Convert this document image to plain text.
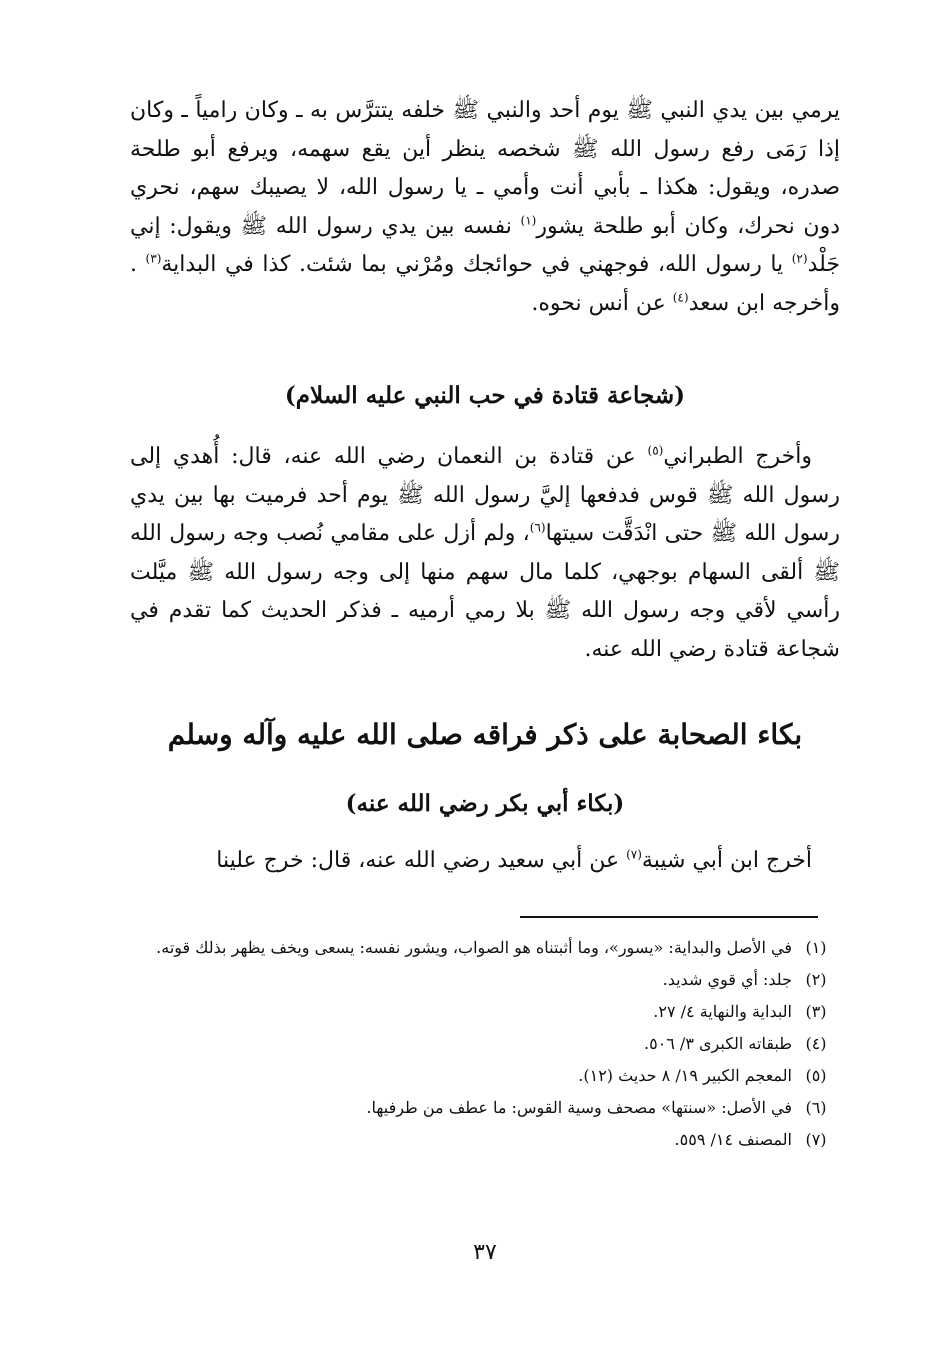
يرمي بين يدي النبي ﷺ يوم أحد والنبي ﷺ خلفه يتترَّس به ـ وكان رامياً ـ وكان إذا رَمَى رفع رسول الله ﷺ شخصه ينظر أين يقع سهمه، ويرفع أبو طلحة صدره، ويقول: هكذا ـ بأبي أنت وأمي ـ يا رسول الله، لا يصيبك سهم، نحري دون نحرك، وكان أبو طلحة يشور$^{(١)}$ نفسه بين يدي رسول الله ﷺ ويقول: إني جَلْد$^{(٢)}$ يا رسول الله، فوجهني في حوائجك ومُرْني بما شئت. كذا في البداية$^{(٣)}$ . وأخرجه ابن سعد$^{(٤)}$ عن أنس نحوه.
(شجاعة قتادة في حب النبي عليه السلام)
وأخرج الطبراني$^{(٥)}$ عن قتادة بن النعمان رضي الله عنه، قال: أُهدي إلى رسول الله ﷺ قوس فدفعها إليَّ رسول الله ﷺ يوم أحد فرميت بها بين يدي رسول الله ﷺ حتى انْدَقَّت سيتها$^{(٦)}$، ولم أزل على مقامي نُصب وجه رسول الله ﷺ ألقى السهام بوجهي، كلما مال سهم منها إلى وجه رسول الله ﷺ ميَّلت رأسي لأقي وجه رسول الله ﷺ بلا رمي أرميه ـ فذكر الحديث كما تقدم في شجاعة قتادة رضي الله عنه.
بكاء الصحابة على ذكر فراقه صلى الله عليه وآله وسلم
(بكاء أبي بكر رضي الله عنه)
أخرج ابن أبي شيبة$^{(٧)}$ عن أبي سعيد رضي الله عنه، قال: خرج علينا
(١)
في الأصل والبداية: «يسور»، وما أثبتناه هو الصواب، ويشور نفسه: يسعى ويخف يظهر بذلك قوته.
(٢)
جلد: أي قوي شديد.
(٣)
البداية والنهاية ٤/ ٢٧.
(٤)
طبقاته الكبرى ٣/ ٥٠٦.
(٥)
المعجم الكبير ١٩/ ٨ حديث (١٢).
(٦)
في الأصل: «سنتها» مصحف وسية القوس: ما عطف من طرفيها.
(٧)
المصنف ١٤/ ٥٥٩.
٣٧
